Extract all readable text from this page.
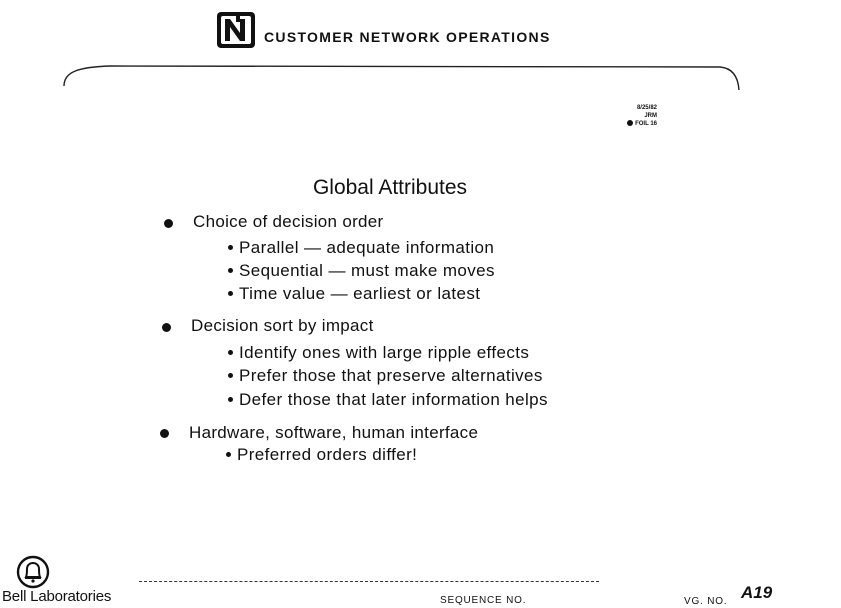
CUSTOMER NETWORK OPERATIONS
8/25/82
JRM
FOIL 16
Global Attributes
Choice of decision order
Parallel — adequate information
Sequential — must make moves
Time value — earliest or latest
Decision sort by impact
Identify ones with large ripple effects
Prefer those that preserve alternatives
Defer those that later information helps
Hardware, software, human interface
Preferred orders differ!
Bell Laboratories	SEQUENCE NO.	VG. NO. A19
